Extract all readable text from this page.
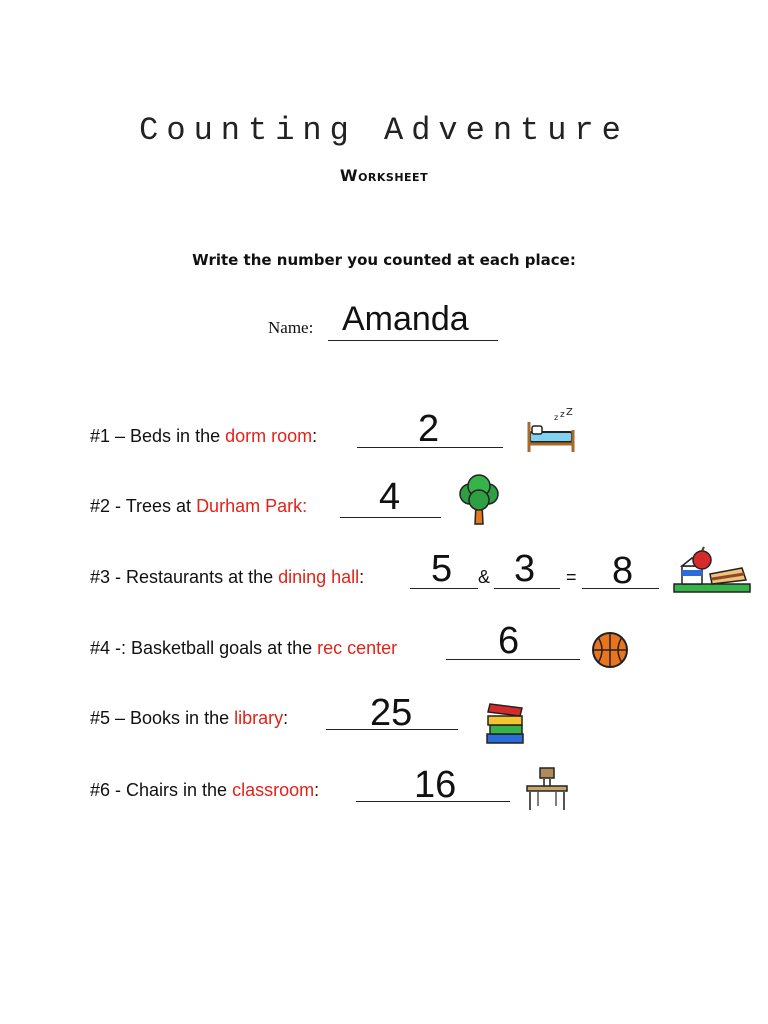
Counting Adventure
Worksheet
Write the number you counted at each place:
Name: Amanda
#1 – Beds in the dorm room:	2	z z Z
#2 - Trees at Durham Park: 4
#3 - Restaurants at the dining hall: 5 & 3 = 8
#4 -: Basketball goals at the rec center	6
#5 – Books in the library: 25
#6 - Chairs in the classroom: 16
